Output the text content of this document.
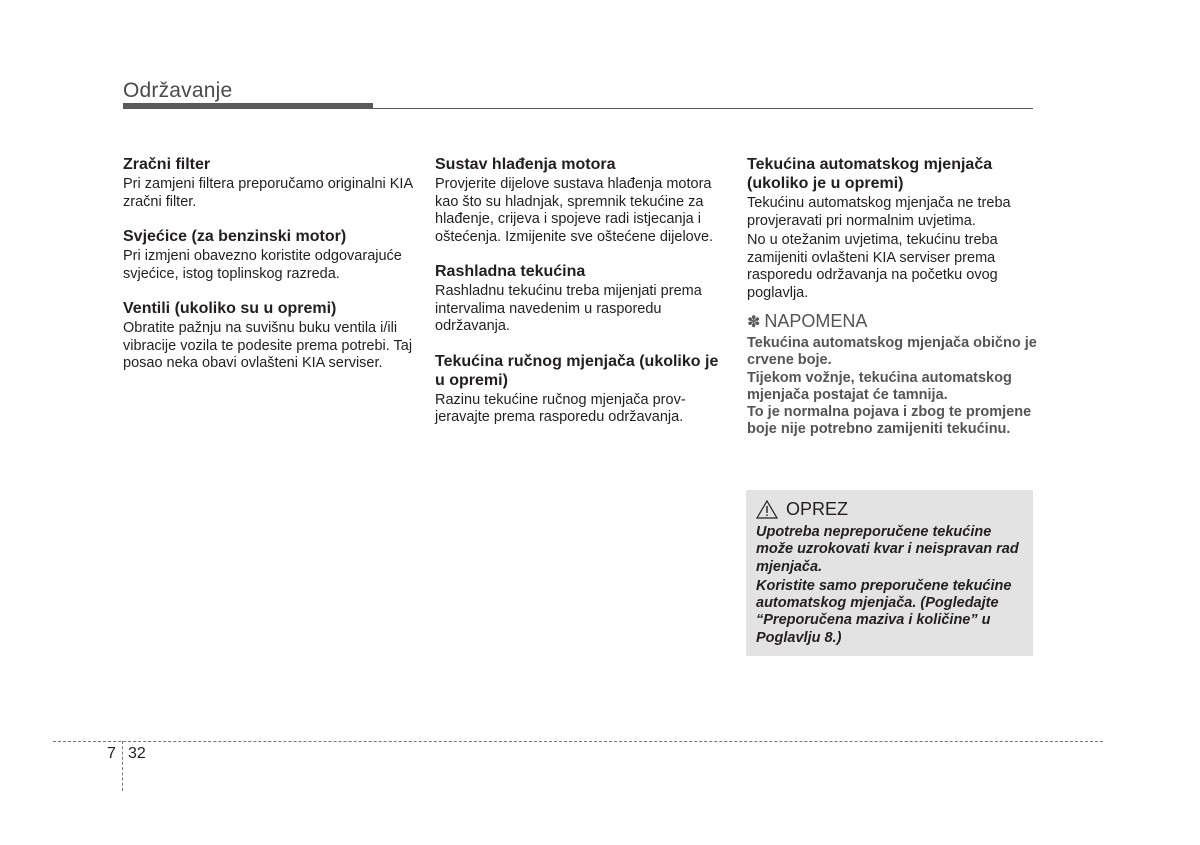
Održavanje

Zračni filter

Pri zamjeni filtera preporučamo originalni KIA zračni filter.

Svjećice (za benzinski motor)

Pri izmjeni obavezno koristite odgovarajuće svjećice, istog toplinskog razreda.

Ventili (ukoliko su u opremi)

Obratite pažnju na suvišnu buku ventila i/ili vibracije vozila te podesite prema potrebi. Taj posao neka obavi ovlašteni KIA serviser.

Sustav hlađenja motora

Provjerite dijelove sustava hlađenja motora kao što su hladnjak, spremnik tekućine za hlađenje, crijeva i spojeve radi istjecanja i oštećenja. Izmijenite sve oštećene dijelove.

Rashladna tekućina

Rashladnu tekućinu treba mijenjati prema intervalima navedenim u rasporedu održavanja.

Tekućina ručnog mjenjača (ukoliko je u opremi)

Razinu tekućine ručnog mjenjača prov-jeravajte prema rasporedu održavanja.

Tekućina automatskog mjenjača (ukoliko je u opremi)

Tekućinu automatskog mjenjača ne treba provjeravati pri normalnim uvjetima.

No u otežanim uvjetima, tekućinu treba zamijeniti ovlašteni KIA serviser prema rasporedu održavanja na početku ovog poglavlja.

✽ NAPOMENA

Tekućina automatskog mjenjača obično je crvene boje.

Tijekom vožnje, tekućina automatskog mjenjača postajat će tamnija.

To je normalna pojava i zbog te promjene boje nije potrebno zamijeniti tekućinu.

OPREZ

Upotreba nepreporučene tekućine može uzrokovati kvar i neispravan rad mjenjača.

Koristite samo preporučene tekućine automatskog mjenjača. (Pogledajte “Preporučena maziva i količine” u Poglavlju 8.)

7 32
